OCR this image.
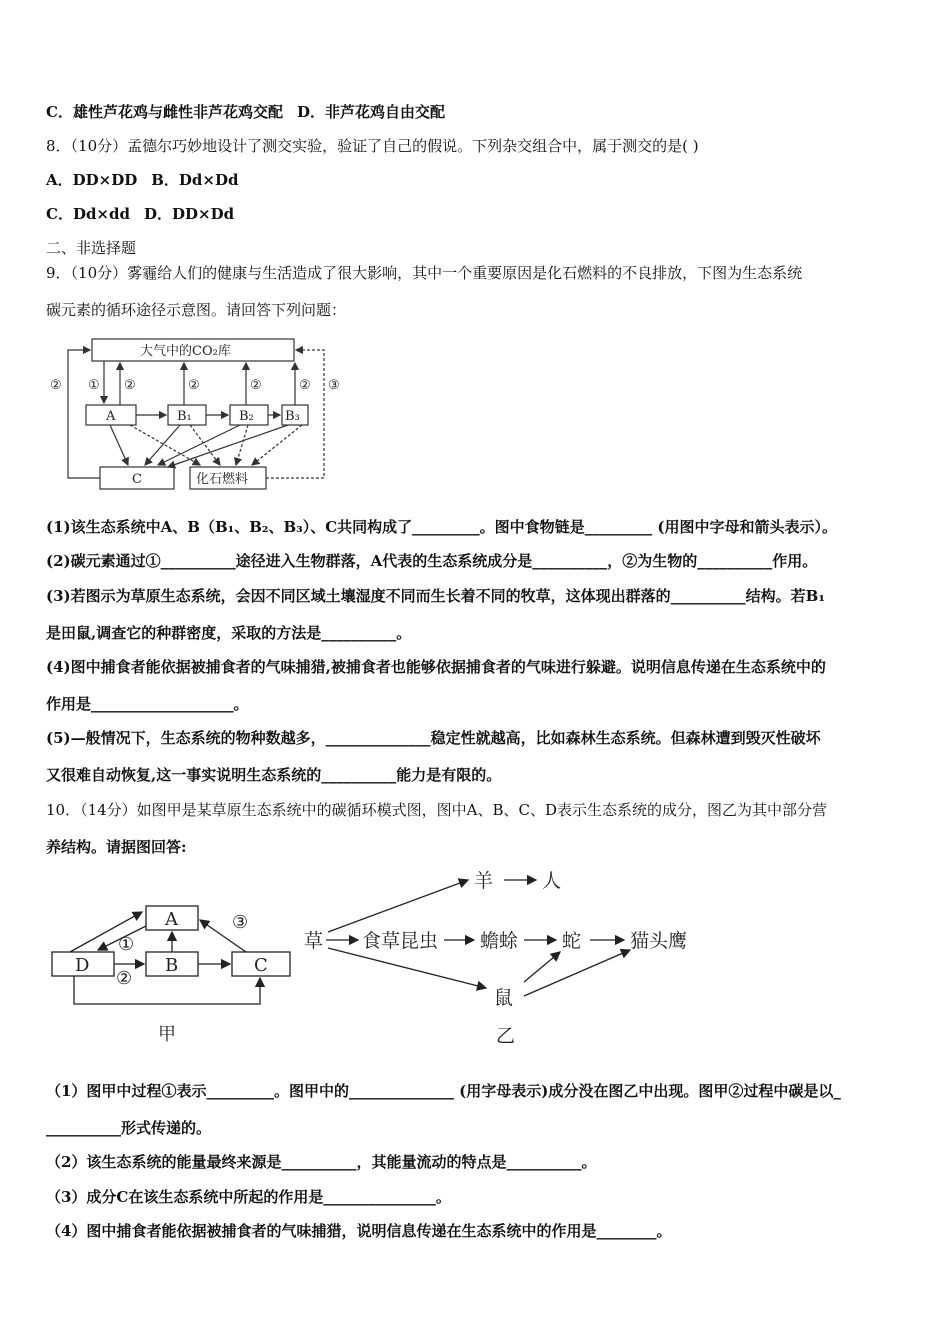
C．雄性芦花鸡与雌性非芦花鸡交配 D．非芦花鸡自由交配
8．（10分）孟德尔巧妙地设计了测交实验，验证了自己的假说。下列杂交组合中，属于测交的是( )
A．DD×DD B．Dd×Dd
C．Dd×dd D．DD×Dd
二、非选择题
9．（10分）雾霾给人们的健康与生活造成了很大影响，其中一个重要原因是化石燃料的不良排放，下图为生态系统
碳元素的循环途径示意图。请回答下列问题：
大气中的CO₂库
A	B₁	B₂ B₃
C	化石燃料
① ②	②	②	②
②	③
(1)该生态系统中A、B（B₁、B₂、B₃）、C共同构成了_________。图中食物链是_________ (用图中字母和箭头表示）。
(2)碳元素通过①__________途径进入生物群落，A代表的生态系统成分是__________，②为生物的__________作用。
(3)若图示为草原生态系统，会因不同区域土壤湿度不同而生长着不同的牧草，这体现出群落的__________结构。若B₁
是田鼠,调查它的种群密度，采取的方法是__________。
(4)图中捕食者能依据被捕食者的气味捕猎,被捕食者也能够依据捕食者的气味进行躲避。说明信息传递在生态系统中的
作用是___________________。
(5)—般情况下，生态系统的物种数越多，______________稳定性就越高，比如森林生态系统。但森林遭到毁灭性破坏
又很难自动恢复,这一事实说明生态系统的__________能力是有限的。
10．（14分）如图甲是某草原生态系统中的碳循环模式图，图中A、B、C、D表示生态系统的成分，图乙为其中部分营
养结构。请据图回答:
A
D	B	C
①
②
③
甲
草 食草昆虫 蟾蜍 蛇	猫头鹰
羊	人
鼠
乙
（1）图甲中过程①表示_________。图甲中的______________ (用字母表示)成分没在图乙中出现。图甲②过程中碳是以_
__________形式传递的。
（2）该生态系统的能量最终来源是__________，其能量流动的特点是__________。
（3）成分C在该生态系统中所起的作用是_______________。
（4）图中捕食者能依据被捕食者的气味捕猎，说明信息传递在生态系统中的作用是________。
